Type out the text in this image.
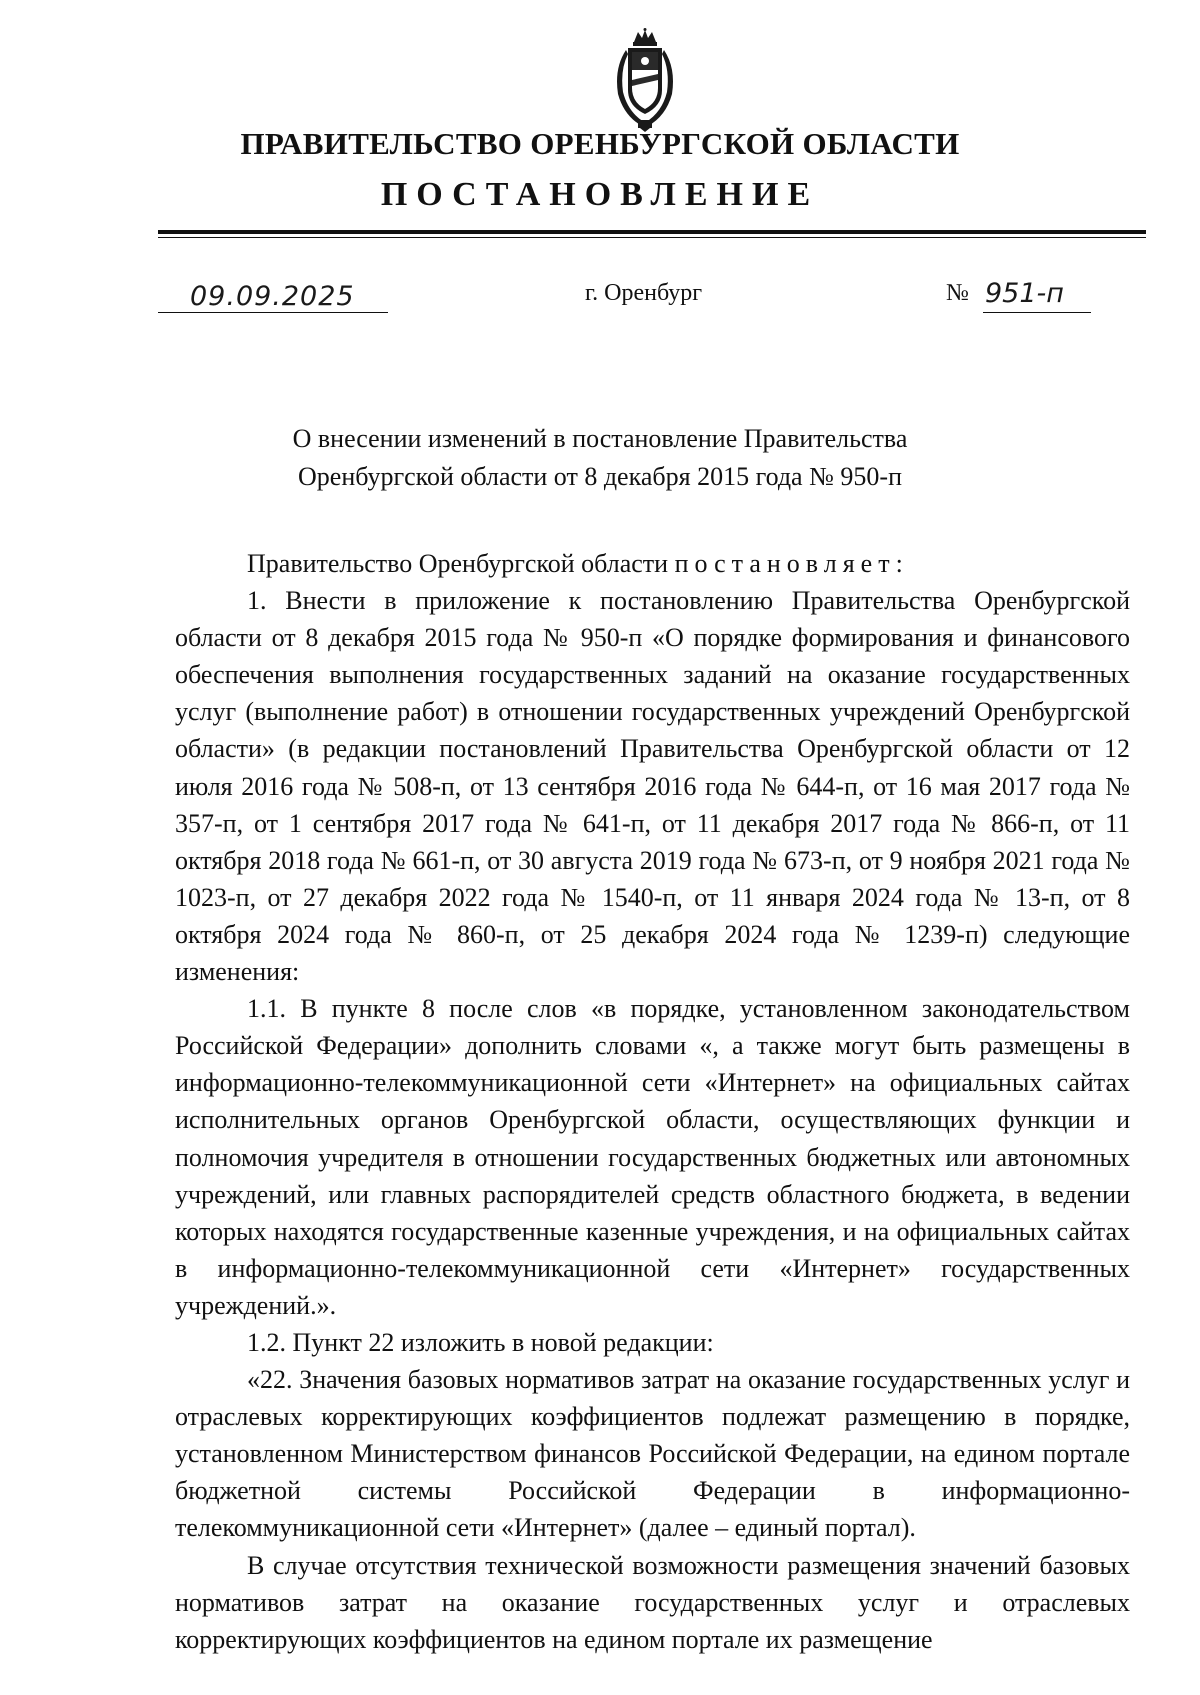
ПРАВИТЕЛЬСТВО ОРЕНБУРГСКОЙ ОБЛАСТИ
ПОСТАНОВЛЕНИЕ
09.09.2025	г. Оренбург	№ 951-п
О внесении изменений в постановление Правительства
Оренбургской области от 8 декабря 2015 года № 950-п

Правительство Оренбургской области постановляет:

1. Внести в приложение к постановлению Правительства Оренбургской области от 8 декабря 2015 года № 950-п «О порядке формирования и финансового обеспечения выполнения государственных заданий на оказание государственных услуг (выполнение работ) в отношении государственных учреждений Оренбургской области» (в редакции постановлений Правительства Оренбургской области от 12 июля 2016 года № 508-п, от 13 сентября 2016 года № 644-п, от 16 мая 2017 года № 357-п, от 1 сентября 2017 года № 641-п, от 11 декабря 2017 года № 866-п, от 11 октября 2018 года № 661-п, от 30 августа 2019 года № 673-п, от 9 ноября 2021 года № 1023-п, от 27 декабря 2022 года № 1540-п, от 11 января 2024 года № 13-п, от 8 октября 2024 года № 860-п, от 25 декабря 2024 года № 1239-п) следующие изменения:

1.1. В пункте 8 после слов «в порядке, установленном законодательством Российской Федерации» дополнить словами «, а также могут быть размещены в информационно-телекоммуникационной сети «Интернет» на официальных сайтах исполнительных органов Оренбургской области, осуществляющих функции и полномочия учредителя в отношении государственных бюджетных или автономных учреждений, или главных распорядителей средств областного бюджета, в ведении которых находятся государственные казенные учреждения, и на официальных сайтах в информационно-телекоммуникационной сети «Интернет» государственных учреждений.».

1.2. Пункт 22 изложить в новой редакции:

«22. Значения базовых нормативов затрат на оказание государственных услуг и отраслевых корректирующих коэффициентов подлежат размещению в порядке, установленном Министерством финансов Российской Федерации, на едином портале бюджетной системы Российской Федерации в информационно-телекоммуникационной сети «Интернет» (далее – единый портал).

В случае отсутствия технической возможности размещения значений базовых нормативов затрат на оказание государственных услуг и отраслевых корректирующих коэффициентов на едином портале их размещение
